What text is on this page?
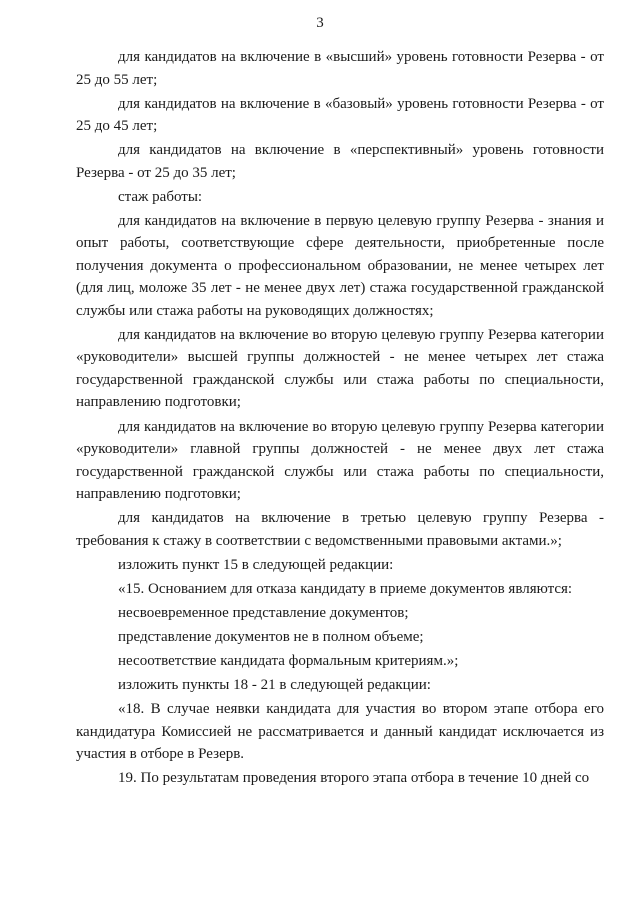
3

для кандидатов на включение в «высший» уровень готовности Резерва - от 25 до 55 лет;

для кандидатов на включение в «базовый» уровень готовности Резерва - от 25 до 45 лет;

для кандидатов на включение в «перспективный» уровень готовности Резерва - от 25 до 35 лет;

стаж работы:

для кандидатов на включение в первую целевую группу Резерва - знания и опыт работы, соответствующие сфере деятельности, приобретенные после получения документа о профессиональном образовании, не менее четырех лет (для лиц, моложе 35 лет - не менее двух лет) стажа государственной гражданской службы или стажа работы на руководящих должностях;

для кандидатов на включение во вторую целевую группу Резерва категории «руководители» высшей группы должностей - не менее четырех лет стажа государственной гражданской службы или стажа работы по специальности, направлению подготовки;

для кандидатов на включение во вторую целевую группу Резерва категории «руководители» главной группы должностей - не менее двух лет стажа государственной гражданской службы или стажа работы по специальности, направлению подготовки;

для кандидатов на включение в третью целевую группу Резерва - требования к стажу в соответствии с ведомственными правовыми актами.»;

изложить пункт 15 в следующей редакции:

«15. Основанием для отказа кандидату в приеме документов являются:

несвоевременное представление документов;

представление документов не в полном объеме;

несоответствие кандидата формальным критериям.»;

изложить пункты 18 - 21 в следующей редакции:

«18. В случае неявки кандидата для участия во втором этапе отбора его кандидатура Комиссией не рассматривается и данный кандидат исключается из участия в отборе в Резерв.

19. По результатам проведения второго этапа отбора в течение 10 дней со
